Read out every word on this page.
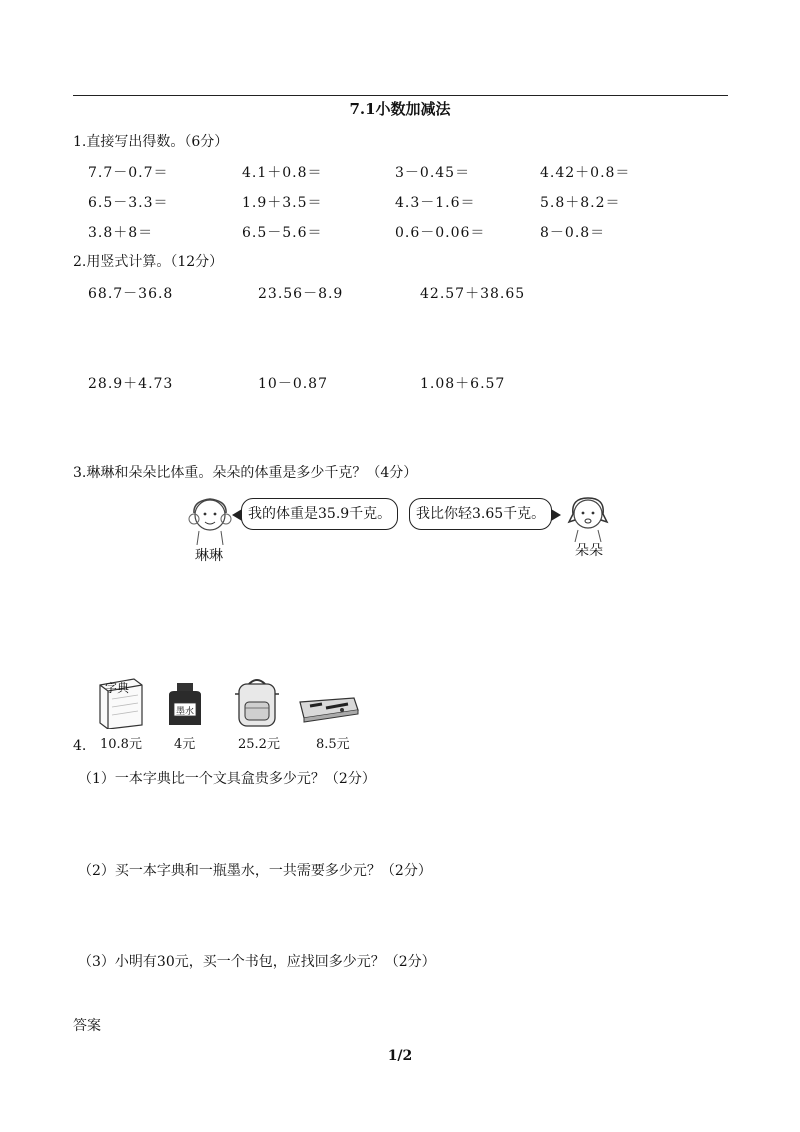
7.1小数加减法
1.直接写出得数。（6分）
7.7－0.7＝	4.1＋0.8＝	3－0.45＝	4.42＋0.8＝
6.5－3.3＝	1.9＋3.5＝	4.3－1.6＝	5.8＋8.2＝
3.8＋8＝	6.5－5.6＝	0.6－0.06＝	8－0.8＝
2.用竖式计算。（12分）
68.7－36.8	23.56－8.9	42.57＋38.65
28.9＋4.73	10－0.87	1.08＋6.57
3.琳琳和朵朵比体重。朵朵的体重是多少千克？（4分）
琳琳
我的体重是35.9千克。	我比你轻3.65千克。
朵朵
字典
10.8元
墨水
4元	25.2元	8.5元
4.
（1）一本字典比一个文具盒贵多少元？（2分）
（2）买一本字典和一瓶墨水，一共需要多少元？（2分）
（3）小明有30元，买一个书包，应找回多少元？（2分）
答案
1/2
